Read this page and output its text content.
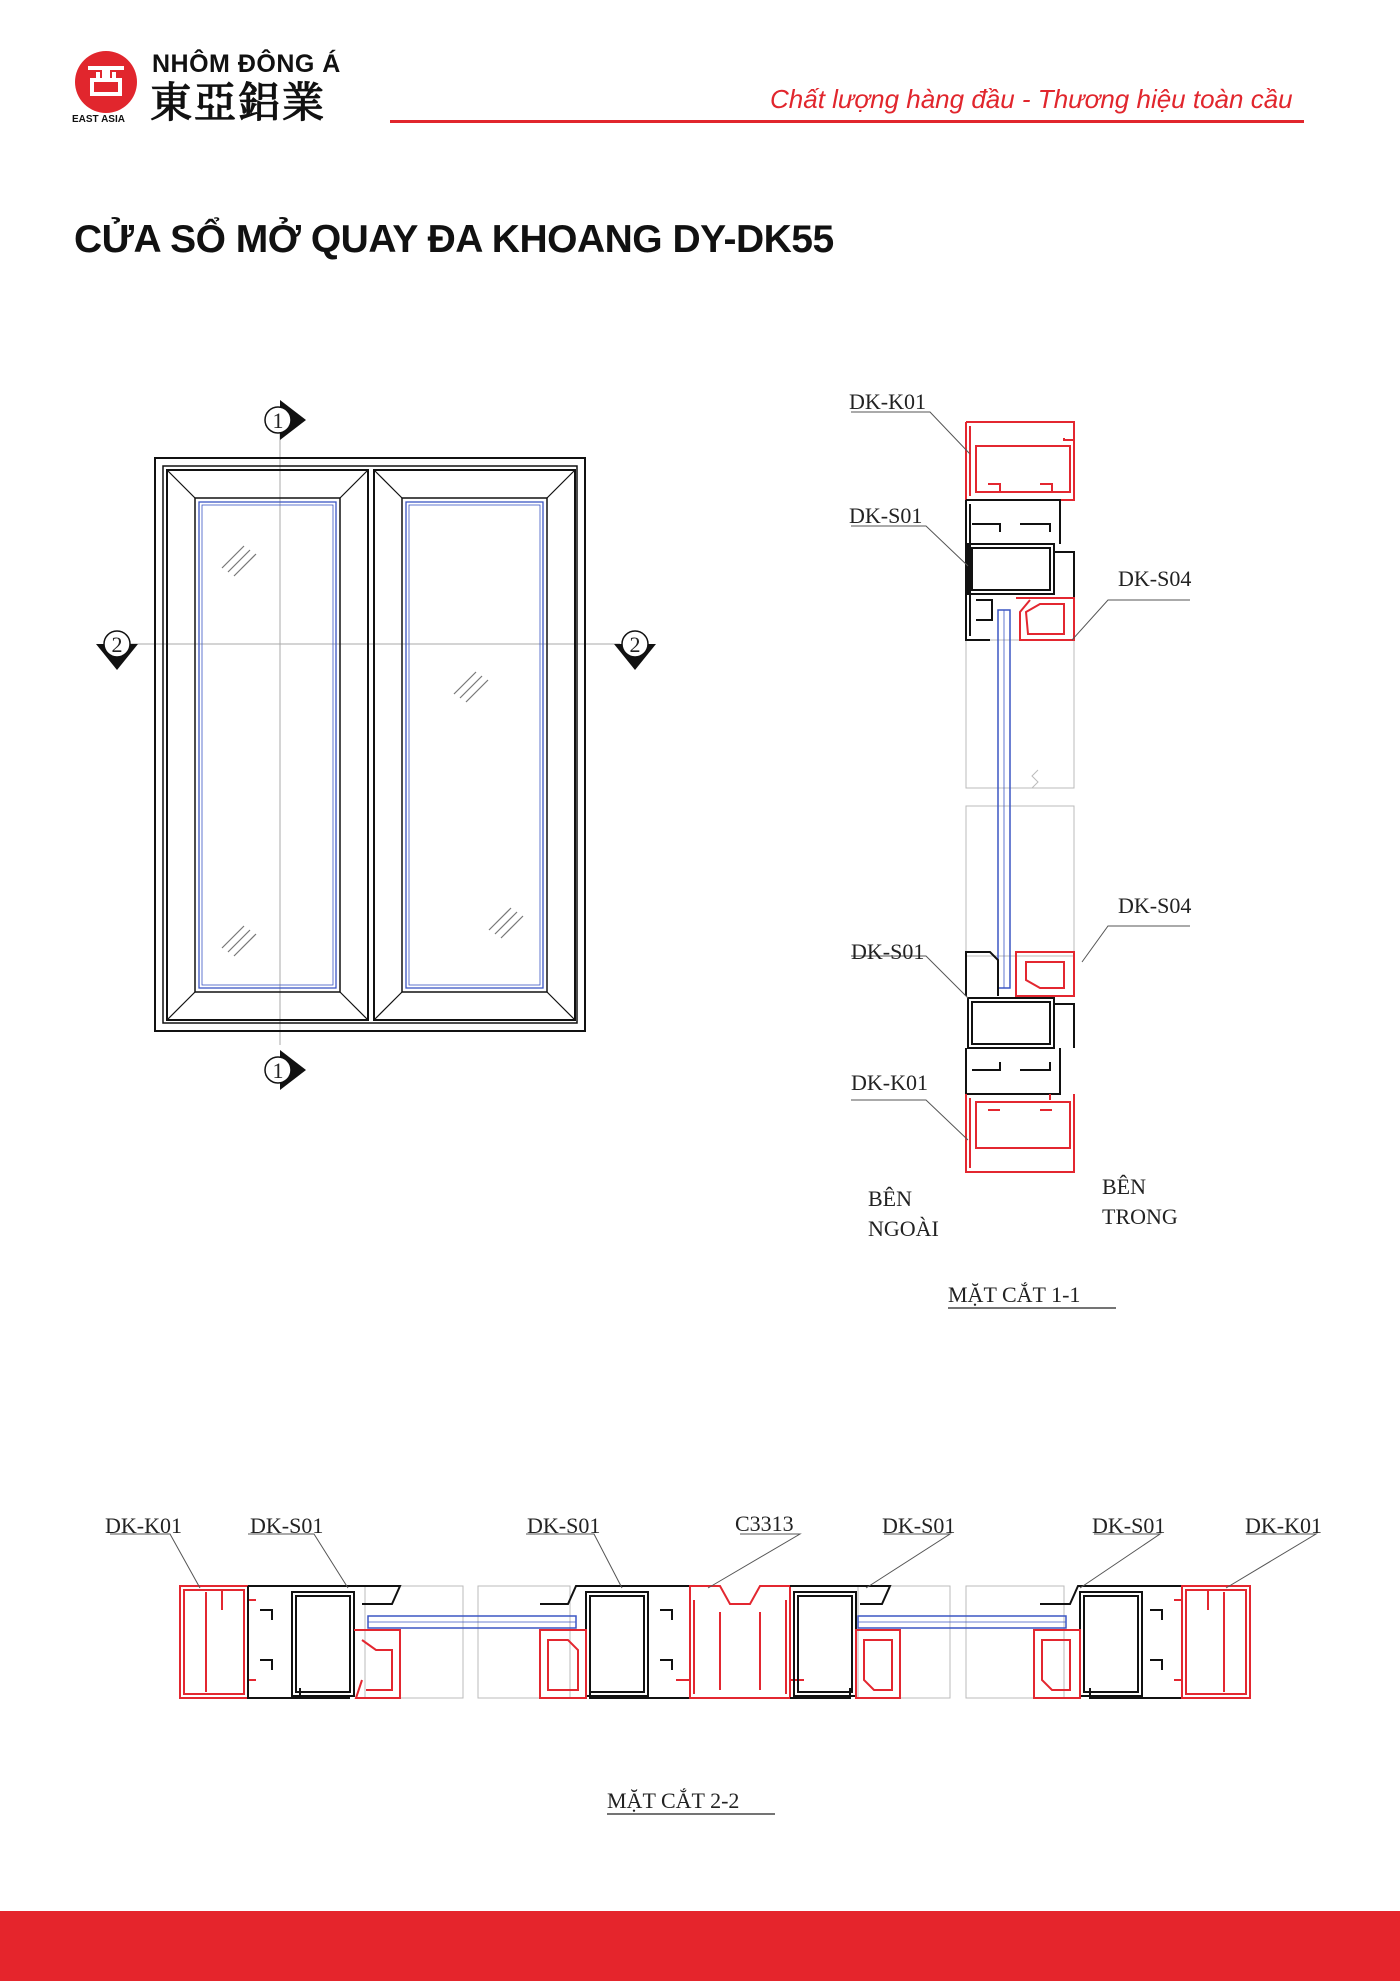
EAST ASIA
NHÔM ĐÔNG Á
東亞鋁業	Chất lượng hàng đầu - Thương hiệu toàn cầu
CỬA SỔ MỞ QUAY ĐA KHOANG DY-DK55
1
1
2	2
DK-K01
DK-S01
DK-S04
DK-S04
DK-S01
DK-K01
BÊN
NGOÀI
BÊN
TRONG
MẶT CẮT 1-1
DK-K01	DK-S01	DK-S01	C3313	DK-S01	DK-S01	DK-K01
MẶT CẮT 2-2
